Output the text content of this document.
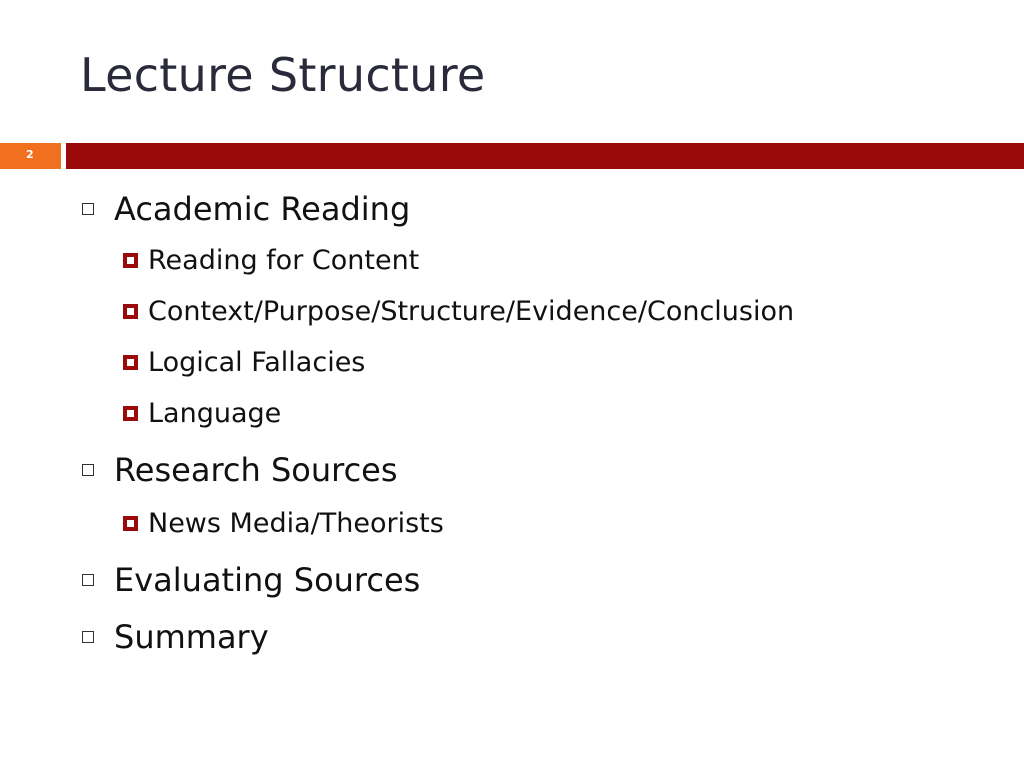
Lecture Structure
2
Academic Reading
Reading for Content
Context/Purpose/Structure/Evidence/Conclusion
Logical Fallacies
Language
Research Sources
News Media/Theorists
Evaluating Sources
Summary
